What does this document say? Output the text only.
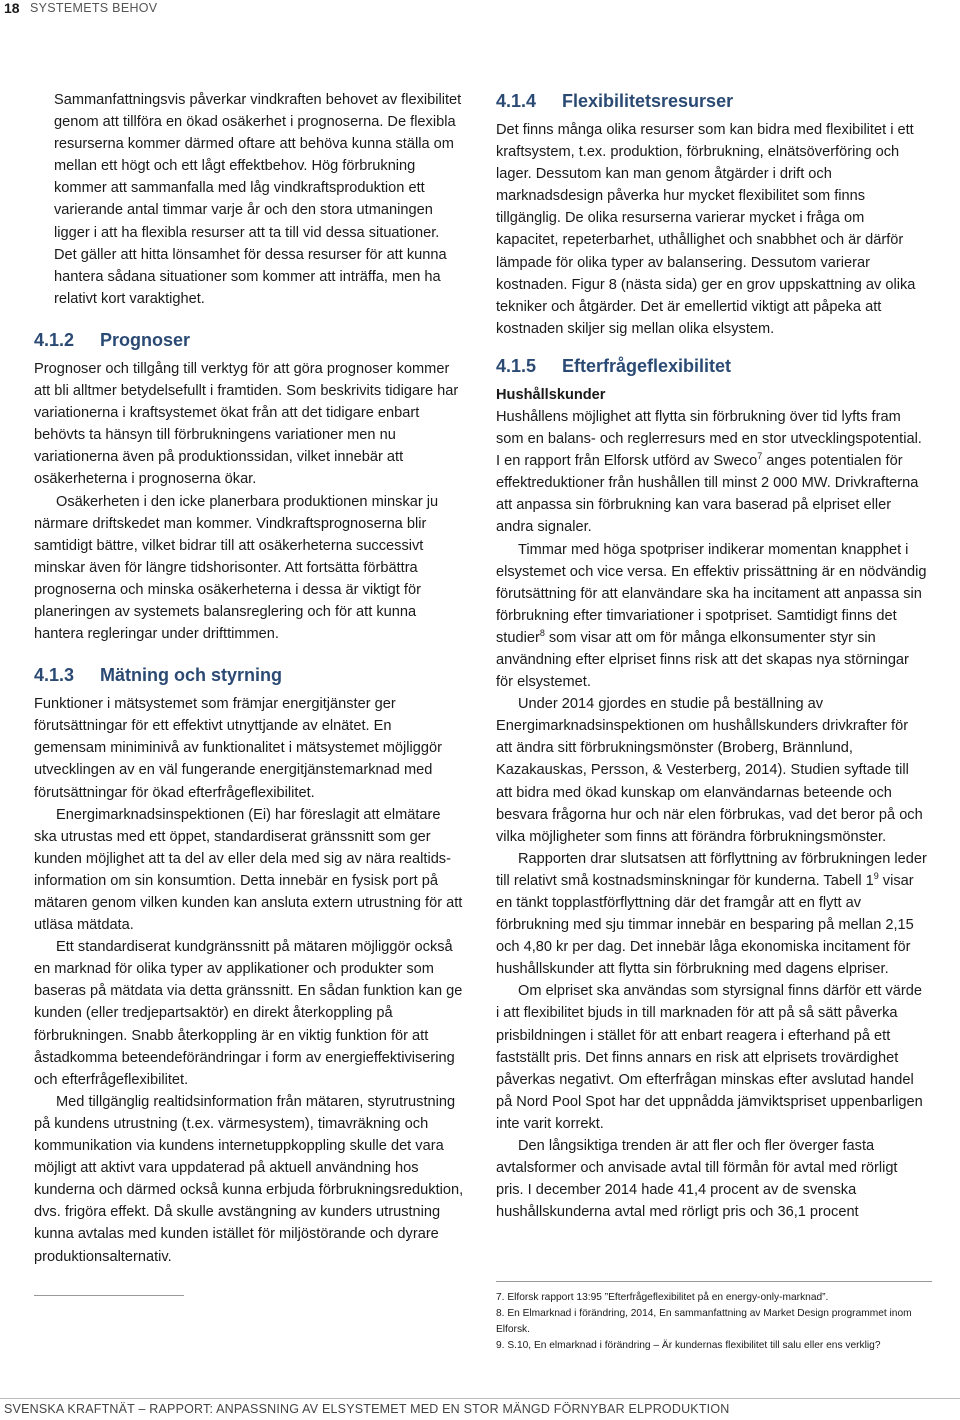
18 SYSTEMETS BEHOV

Sammanfattningsvis påverkar vindkraften behovet av flexibilitet genom att tillföra en ökad osäkerhet i prognoserna. De flexibla resurserna kommer därmed oftare att behöva kunna ställa om mellan ett högt och ett lågt effektbehov. Hög förbrukning kommer att sammanfalla med låg vindkraftsproduktion ett varierande antal timmar varje år och den stora utmaningen ligger i att ha flexibla resurser att ta till vid dessa situationer. Det gäller att hitta lönsamhet för dessa resurser för att kunna hantera sådana situationer som kommer att inträffa, men ha relativt kort varaktighet.

4.1.2 Prognoser

Prognoser och tillgång till verktyg för att göra prognoser kommer att bli alltmer betydelsefullt i framtiden. Som beskrivits tidigare har variationerna i kraftsystemet ökat från att det tidigare enbart behövts ta hänsyn till förbrukningens variationer men nu variationerna även på produktionssidan, vilket innebär att osäkerheterna i prognoserna ökar.

Osäkerheten i den icke planerbara produktionen minskar ju närmare driftskedet man kommer. Vindkraftsprognoserna blir samtidigt bättre, vilket bidrar till att osäkerheterna successivt minskar även för längre tidshorisonter. Att fortsätta förbättra prognoserna och minska osäkerheterna i dessa är viktigt för planeringen av systemets balansreglering och för att kunna hantera regleringar under drifttimmen.

4.1.3 Mätning och styrning

Funktioner i mätsystemet som främjar energitjänster ger förutsättningar för ett effektivt utnyttjande av elnätet. En gemensam miniminivå av funktionalitet i mätsystemet möjliggör utvecklingen av en väl fungerande energitjänstemarknad med förutsättningar för ökad efterfrågeflexibilitet.

Energimarknadsinspektionen (Ei) har föreslagit att elmätare ska utrustas med ett öppet, standardiserat gränssnitt som ger kunden möjlighet att ta del av eller dela med sig av nära realtids-information om sin konsumtion. Detta innebär en fysisk port på mätaren genom vilken kunden kan ansluta extern utrustning för att utläsa mätdata.

Ett standardiserat kundgränssnitt på mätaren möjliggör också en marknad för olika typer av applikationer och produkter som baseras på mätdata via detta gränssnitt. En sådan funktion kan ge kunden (eller tredjepartsaktör) en direkt återkoppling på förbrukningen. Snabb återkoppling är en viktig funktion för att åstadkomma beteendeförändringar i form av energieffektivisering och efterfrågeflexibilitet.

Med tillgänglig realtidsinformation från mätaren, styrutrustning på kundens utrustning (t.ex. värmesystem), timavräkning och kommunikation via kundens internetuppkoppling skulle det vara möjligt att aktivt vara uppdaterad på aktuell användning hos kunderna och därmed också kunna erbjuda förbrukningsreduktion, dvs. frigöra effekt. Då skulle avstängning av kunders utrustning kunna avtalas med kunden istället för miljöstörande och dyrare produktionsalternativ.

4.1.4 Flexibilitetsresurser

Det finns många olika resurser som kan bidra med flexibilitet i ett kraftsystem, t.ex. produktion, förbrukning, elnätsöverföring och lager. Dessutom kan man genom åtgärder i drift och marknadsdesign påverka hur mycket flexibilitet som finns tillgänglig. De olika resurserna varierar mycket i fråga om kapacitet, repeterbarhet, uthållighet och snabbhet och är därför lämpade för olika typer av balansering. Dessutom varierar kostnaden. Figur 8 (nästa sida) ger en grov uppskattning av olika tekniker och åtgärder. Det är emellertid viktigt att påpeka att kostnaden skiljer sig mellan olika elsystem.

4.1.5 Efterfrågeflexibilitet
Hushållskunder

Hushållens möjlighet att flytta sin förbrukning över tid lyfts fram som en balans- och reglerresurs med en stor utvecklingspotential. I en rapport från Elforsk utförd av Sweco$^7$ anges potentialen för effektreduktioner från hushållen till minst 2 000 MW. Drivkrafterna att anpassa sin förbrukning kan vara baserad på elpriset eller andra signaler.

Timmar med höga spotpriser indikerar momentan knapphet i elsystemet och vice versa. En effektiv prissättning är en nödvändig förutsättning för att elanvändare ska ha incitament att anpassa sin förbrukning efter timvariationer i spotpriset. Samtidigt finns det studier$^8$ som visar att om för många elkonsumenter styr sin användning efter elpriset finns risk att det skapas nya störningar för elsystemet.

Under 2014 gjordes en studie på beställning av Energimarknadsinspektionen om hushållskunders drivkrafter för att ändra sitt förbrukningsmönster (Broberg, Brännlund, Kazakauskas, Persson, & Vesterberg, 2014). Studien syftade till att bidra med ökad kunskap om elanvändarnas beteende och besvara frågorna hur och när elen förbrukas, vad det beror på och vilka möjligheter som finns att förändra förbrukningsmönster.

Rapporten drar slutsatsen att förflyttning av förbrukningen leder till relativt små kostnadsminskningar för kunderna. Tabell $1^9$ visar en tänkt topplastförflyttning där det framgår att en flytt av förbrukning med sju timmar innebär en besparing på mellan 2,15 och 4,80 kr per dag. Det innebär låga ekonomiska incitament för hushållskunder att flytta sin förbrukning med dagens elpriser.

Om elpriset ska användas som styrsignal finns därför ett värde i att flexibilitet bjuds in till marknaden för att på så sätt påverka prisbildningen i stället för att enbart reagera i efterhand på ett fastställt pris. Det finns annars en risk att elprisets trovärdighet påverkas negativt. Om efterfrågan minskas efter avslutad handel på Nord Pool Spot har det uppnådda jämviktspriset uppenbarligen inte varit korrekt.

Den långsiktiga trenden är att fler och fler överger fasta avtalsformer och anvisade avtal till förmån för avtal med rörligt pris. I december 2014 hade 41,4 procent av de svenska hushållskunderna avtal med rörligt pris och 36,1 procent

7. Elforsk rapport 13:95 ”Efterfrågeflexibilitet på en energy-only-marknad”.

8. En Elmarknad i förändring, 2014, En sammanfattning av Market Design programmet inom Elforsk.

9. S.10, En elmarknad i förändring – Är kundernas flexibilitet till salu eller ens verklig?

SVENSKA KRAFTNÄT – RAPPORT: ANPASSNING AV ELSYSTEMET MED EN STOR MÄNGD FÖRNYBAR ELPRODUKTION
